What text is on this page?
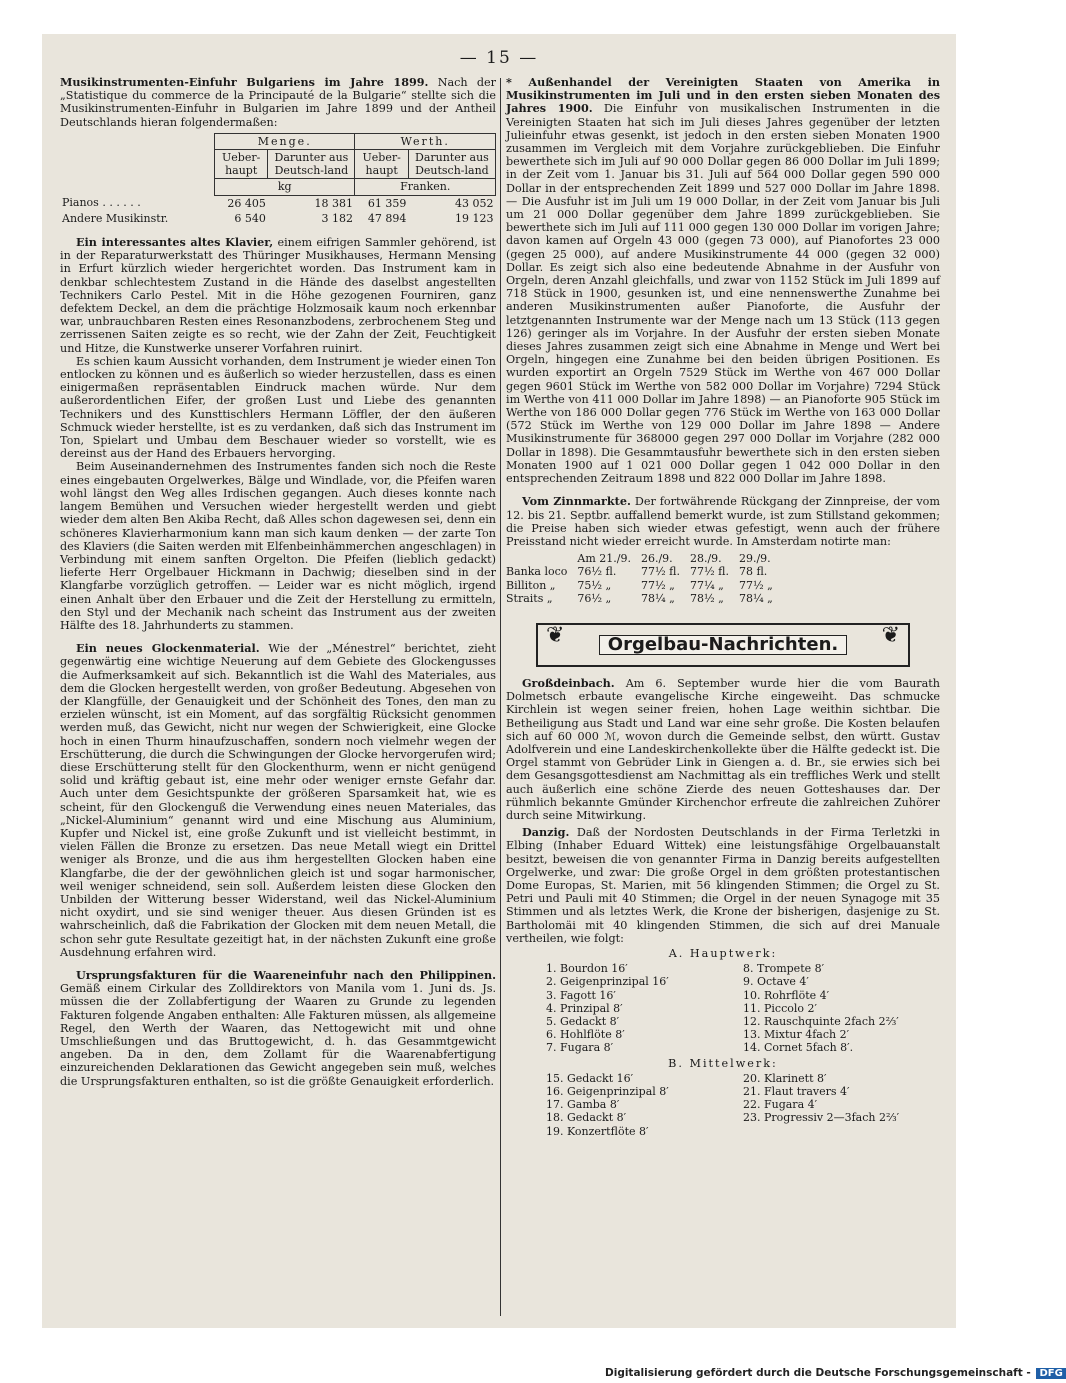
— 15 —

Musikinstrumenten-Einfuhr Bulgariens im Jahre 1899. Nach der „Statistique du commerce de la Principauté de la Bulgarie“ stellte sich die Musikinstrumenten-Einfuhr in Bulgarien im Jahre 1899 und der Antheil Deutschlands hieran folgendermaßen:

	Menge.		Werth.	
	Ueber-haupt	Darunter aus Deutsch-land	Ueber-haupt	Darunter aus Deutsch-land
	kg		Franken.	
Pianos . . . . . .	26 405	18 381	61 359	43 052
Andere Musikinstr.	6 540	3 182	47 894	19 123

Ein interessantes altes Klavier, einem eifrigen Sammler gehörend, ist in der Reparaturwerkstatt des Thüringer Musikhauses, Hermann Mensing in Erfurt kürzlich wieder hergerichtet worden. Das Instrument kam in denkbar schlechtestem Zustand in die Hände des daselbst angestellten Technikers Carlo Pestel. Mit in die Höhe gezogenen Fourniren, ganz defektem Deckel, an dem die prächtige Holzmosaik kaum noch erkennbar war, unbrauchbaren Resten eines Resonanzbodens, zerbrochenem Steg und zerrissenen Saiten zeigte es so recht, wie der Zahn der Zeit, Feuchtigkeit und Hitze, die Kunstwerke unserer Vorfahren ruinirt.

Es schien kaum Aussicht vorhanden, dem Instrument je wieder einen Ton entlocken zu können und es äußerlich so wieder herzustellen, dass es einen einigermaßen repräsentablen Eindruck machen würde. Nur dem außerordentlichen Eifer, der großen Lust und Liebe des genannten Technikers und des Kunsttischlers Hermann Löffler, der den äußeren Schmuck wieder herstellte, ist es zu verdanken, daß sich das Instrument im Ton, Spielart und Umbau dem Beschauer wieder so vorstellt, wie es dereinst aus der Hand des Erbauers hervorging.

Beim Auseinandernehmen des Instrumentes fanden sich noch die Reste eines eingebauten Orgelwerkes, Bälge und Windlade, vor, die Pfeifen waren wohl längst den Weg alles Irdischen gegangen. Auch dieses konnte nach langem Bemühen und Versuchen wieder hergestellt werden und giebt wieder dem alten Ben Akiba Recht, daß Alles schon dagewesen sei, denn ein schöneres Klavierharmonium kann man sich kaum denken — der zarte Ton des Klaviers (die Saiten werden mit Elfenbeinhämmerchen angeschlagen) in Verbindung mit einem sanften Orgelton. Die Pfeifen (lieblich gedackt) lieferte Herr Orgelbauer Hickmann in Dachwig; dieselben sind in der Klangfarbe vorzüglich getroffen. — Leider war es nicht möglich, irgend einen Anhalt über den Erbauer und die Zeit der Herstellung zu ermitteln, den Styl und der Mechanik nach scheint das Instrument aus der zweiten Hälfte des 18. Jahrhunderts zu stammen.

Ein neues Glockenmaterial. Wie der „Ménestrel“ berichtet, zieht gegenwärtig eine wichtige Neuerung auf dem Gebiete des Glockengusses die Aufmerksamkeit auf sich. Bekanntlich ist die Wahl des Materiales, aus dem die Glocken hergestellt werden, von großer Bedeutung. Abgesehen von der Klangfülle, der Genauigkeit und der Schönheit des Tones, den man zu erzielen wünscht, ist ein Moment, auf das sorgfältig Rücksicht genommen werden muß, das Gewicht, nicht nur wegen der Schwierigkeit, eine Glocke hoch in einen Thurm hinaufzuschaffen, sondern noch vielmehr wegen der Erschütterung, die durch die Schwingungen der Glocke hervorgerufen wird; diese Erschütterung stellt für den Glockenthurm, wenn er nicht genügend solid und kräftig gebaut ist, eine mehr oder weniger ernste Gefahr dar. Auch unter dem Gesichtspunkte der größeren Sparsamkeit hat, wie es scheint, für den Glockenguß die Verwendung eines neuen Materiales, das „Nickel-Aluminium“ genannt wird und eine Mischung aus Aluminium, Kupfer und Nickel ist, eine große Zukunft und ist vielleicht bestimmt, in vielen Fällen die Bronze zu ersetzen. Das neue Metall wiegt ein Drittel weniger als Bronze, und die aus ihm hergestellten Glocken haben eine Klangfarbe, die der der gewöhnlichen gleich ist und sogar harmonischer, weil weniger schneidend, sein soll. Außerdem leisten diese Glocken den Unbilden der Witterung besser Widerstand, weil das Nickel-Aluminium nicht oxydirt, und sie sind weniger theuer. Aus diesen Gründen ist es wahrscheinlich, daß die Fabrikation der Glocken mit dem neuen Metall, die schon sehr gute Resultate gezeitigt hat, in der nächsten Zukunft eine große Ausdehnung erfahren wird.

Ursprungsfakturen für die Waareneinfuhr nach den Philippinen. Gemäß einem Cirkular des Zolldirektors von Manila vom 1. Juni ds. Js. müssen die der Zollabfertigung der Waaren zu Grunde zu legenden Fakturen folgende Angaben enthalten: Alle Fakturen müssen, als allgemeine Regel, den Werth der Waaren, das Nettogewicht mit und ohne Umschließungen und das Bruttogewicht, d. h. das Gesammtgewicht angeben. Da in den, dem Zollamt für die Waarenabfertigung einzureichenden Deklarationen das Gewicht angegeben sein muß, welches die Ursprungsfakturen enthalten, so ist die größte Genauigkeit erforderlich.

* Außenhandel der Vereinigten Staaten von Amerika in Musikinstrumenten im Juli und in den ersten sieben Monaten des Jahres 1900. Die Einfuhr von musikalischen Instrumenten in die Vereinigten Staaten hat sich im Juli dieses Jahres gegenüber der letzten Julieinfuhr etwas gesenkt, ist jedoch in den ersten sieben Monaten 1900 zusammen im Vergleich mit dem Vorjahre zurückgeblieben. Die Einfuhr bewerthete sich im Juli auf 90 000 Dollar gegen 86 000 Dollar im Juli 1899; in der Zeit vom 1. Januar bis 31. Juli auf 564 000 Dollar gegen 590 000 Dollar in der entsprechenden Zeit 1899 und 527 000 Dollar im Jahre 1898. — Die Ausfuhr ist im Juli um 19 000 Dollar, in der Zeit vom Januar bis Juli um 21 000 Dollar gegenüber dem Jahre 1899 zurückgeblieben. Sie bewerthete sich im Juli auf 111 000 gegen 130 000 Dollar im vorigen Jahre; davon kamen auf Orgeln 43 000 (gegen 73 000), auf Pianofortes 23 000 (gegen 25 000), auf andere Musikinstrumente 44 000 (gegen 32 000) Dollar. Es zeigt sich also eine bedeutende Abnahme in der Ausfuhr von Orgeln, deren Anzahl gleichfalls, und zwar von 1152 Stück im Juli 1899 auf 718 Stück in 1900, gesunken ist, und eine nennenswerthe Zunahme bei anderen Musikinstrumenten außer Pianoforte, die Ausfuhr der letztgenannten Instrumente war der Menge nach um 13 Stück (113 gegen 126) geringer als im Vorjahre. In der Ausfuhr der ersten sieben Monate dieses Jahres zusammen zeigt sich eine Abnahme in Menge und Wert bei Orgeln, hingegen eine Zunahme bei den beiden übrigen Positionen. Es wurden exportirt an Orgeln 7529 Stück im Werthe von 467 000 Dollar gegen 9601 Stück im Werthe von 582 000 Dollar im Vorjahre) 7294 Stück im Werthe von 411 000 Dollar im Jahre 1898) — an Pianoforte 905 Stück im Werthe von 186 000 Dollar gegen 776 Stück im Werthe von 163 000 Dollar (572 Stück im Werthe von 129 000 Dollar im Jahre 1898 — Andere Musikinstrumente für 368000 gegen 297 000 Dollar im Vorjahre (282 000 Dollar in 1898). Die Gesammtausfuhr bewerthete sich in den ersten sieben Monaten 1900 auf 1 021 000 Dollar gegen 1 042 000 Dollar in den entsprechenden Zeitraum 1898 und 822 000 Dollar im Jahre 1898.

Vom Zinnmarkte. Der fortwährende Rückgang der Zinnpreise, der vom 12. bis 21. Septbr. auffallend bemerkt wurde, ist zum Stillstand gekommen; die Preise haben sich wieder etwas gefestigt, wenn auch der frühere Preisstand nicht wieder erreicht wurde. In Amsterdam notirte man:

	Am 21./9.	26./9.	28./9.	29./9.
Banka loco	76½ fl.	77½ fl.	77½ fl.	78 fl.
Billiton „	75½ „	77½ „	77¼ „	77½ „
Straits „	76½ „	78¼ „	78½ „	78¼ „
❦	Orgelbau-Nachrichten.	❦

Großdeinbach. Am 6. September wurde hier die vom Baurath Dolmetsch erbaute evangelische Kirche eingeweiht. Das schmucke Kirchlein ist wegen seiner freien, hohen Lage weithin sichtbar. Die Betheiligung aus Stadt und Land war eine sehr große. Die Kosten belaufen sich auf 60 000 ℳ, wovon durch die Gemeinde selbst, den württ. Gustav Adolfverein und eine Landeskirchenkollekte über die Hälfte gedeckt ist. Die Orgel stammt von Gebrüder Link in Giengen a. d. Br., sie erwies sich bei dem Gesangsgottesdienst am Nachmittag als ein treffliches Werk und stellt auch äußerlich eine schöne Zierde des neuen Gotteshauses dar. Der rühmlich bekannte Gmünder Kirchenchor erfreute die zahlreichen Zuhörer durch seine Mitwirkung.

Danzig. Daß der Nordosten Deutschlands in der Firma Terletzki in Elbing (Inhaber Eduard Wittek) eine leistungsfähige Orgelbauanstalt besitzt, beweisen die von genannter Firma in Danzig bereits aufgestellten Orgelwerke, und zwar: Die große Orgel in dem größten protestantischen Dome Europas, St. Marien, mit 56 klingenden Stimmen; die Orgel zu St. Petri und Pauli mit 40 Stimmen; die Orgel in der neuen Synagoge mit 35 Stimmen und als letztes Werk, die Krone der bisherigen, dasjenige zu St. Bartholomäi mit 40 klingenden Stimmen, die sich auf drei Manuale vertheilen, wie folgt:

A. Hauptwerk:
1. Bourdon 16′	8. Trompete 8′
2. Geigenprinzipal 16′	9. Octave 4′
3. Fagott 16′	10. Rohrflöte 4′
4. Prinzipal 8′	11. Piccolo 2′
5. Gedackt 8′	12. Rauschquinte 2fach 2⅔′
6. Hohlflöte 8′	13. Mixtur 4fach 2′
7. Fugara 8′	14. Cornet 5fach 8′.
B. Mittelwerk:
15. Gedackt 16′	20. Klarinett 8′
16. Geigenprinzipal 8′	21. Flaut travers 4′
17. Gamba 8′	22. Fugara 4′
18. Gedackt 8′	23. Progressiv 2—3fach 2⅔′
19. Konzertflöte 8′
Digitalisierung gefördert durch die Deutsche Forschungsgemeinschaft - DFG
